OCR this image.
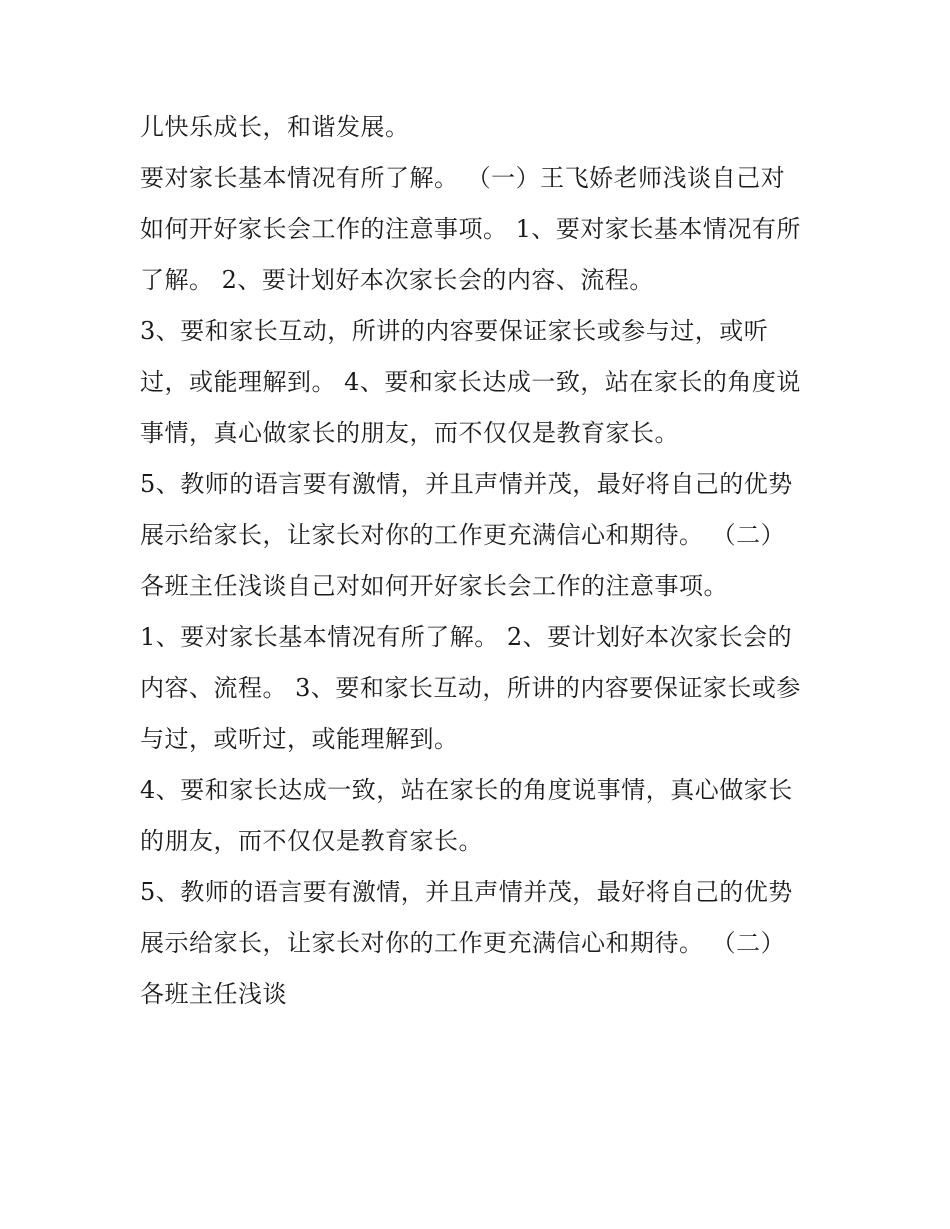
儿快乐成长，和谐发展。
要对家长基本情况有所了解。 （一）王飞娇老师浅谈自己对
如何开好家长会工作的注意事项。 1、要对家长基本情况有所
了解。 2、要计划好本次家长会的内容、流程。
3、要和家长互动，所讲的内容要保证家长或参与过，或听
过，或能理解到。 4、要和家长达成一致，站在家长的角度说
事情，真心做家长的朋友，而不仅仅是教育家长。
5、教师的语言要有激情，并且声情并茂，最好将自己的优势
展示给家长，让家长对你的工作更充满信心和期待。 （二）
各班主任浅谈自己对如何开好家长会工作的注意事项。
1、要对家长基本情况有所了解。 2、要计划好本次家长会的
内容、流程。 3、要和家长互动，所讲的内容要保证家长或参
与过，或听过，或能理解到。
4、要和家长达成一致，站在家长的角度说事情，真心做家长
的朋友，而不仅仅是教育家长。
5、教师的语言要有激情，并且声情并茂，最好将自己的优势
展示给家长，让家长对你的工作更充满信心和期待。 （二）
各班主任浅谈
